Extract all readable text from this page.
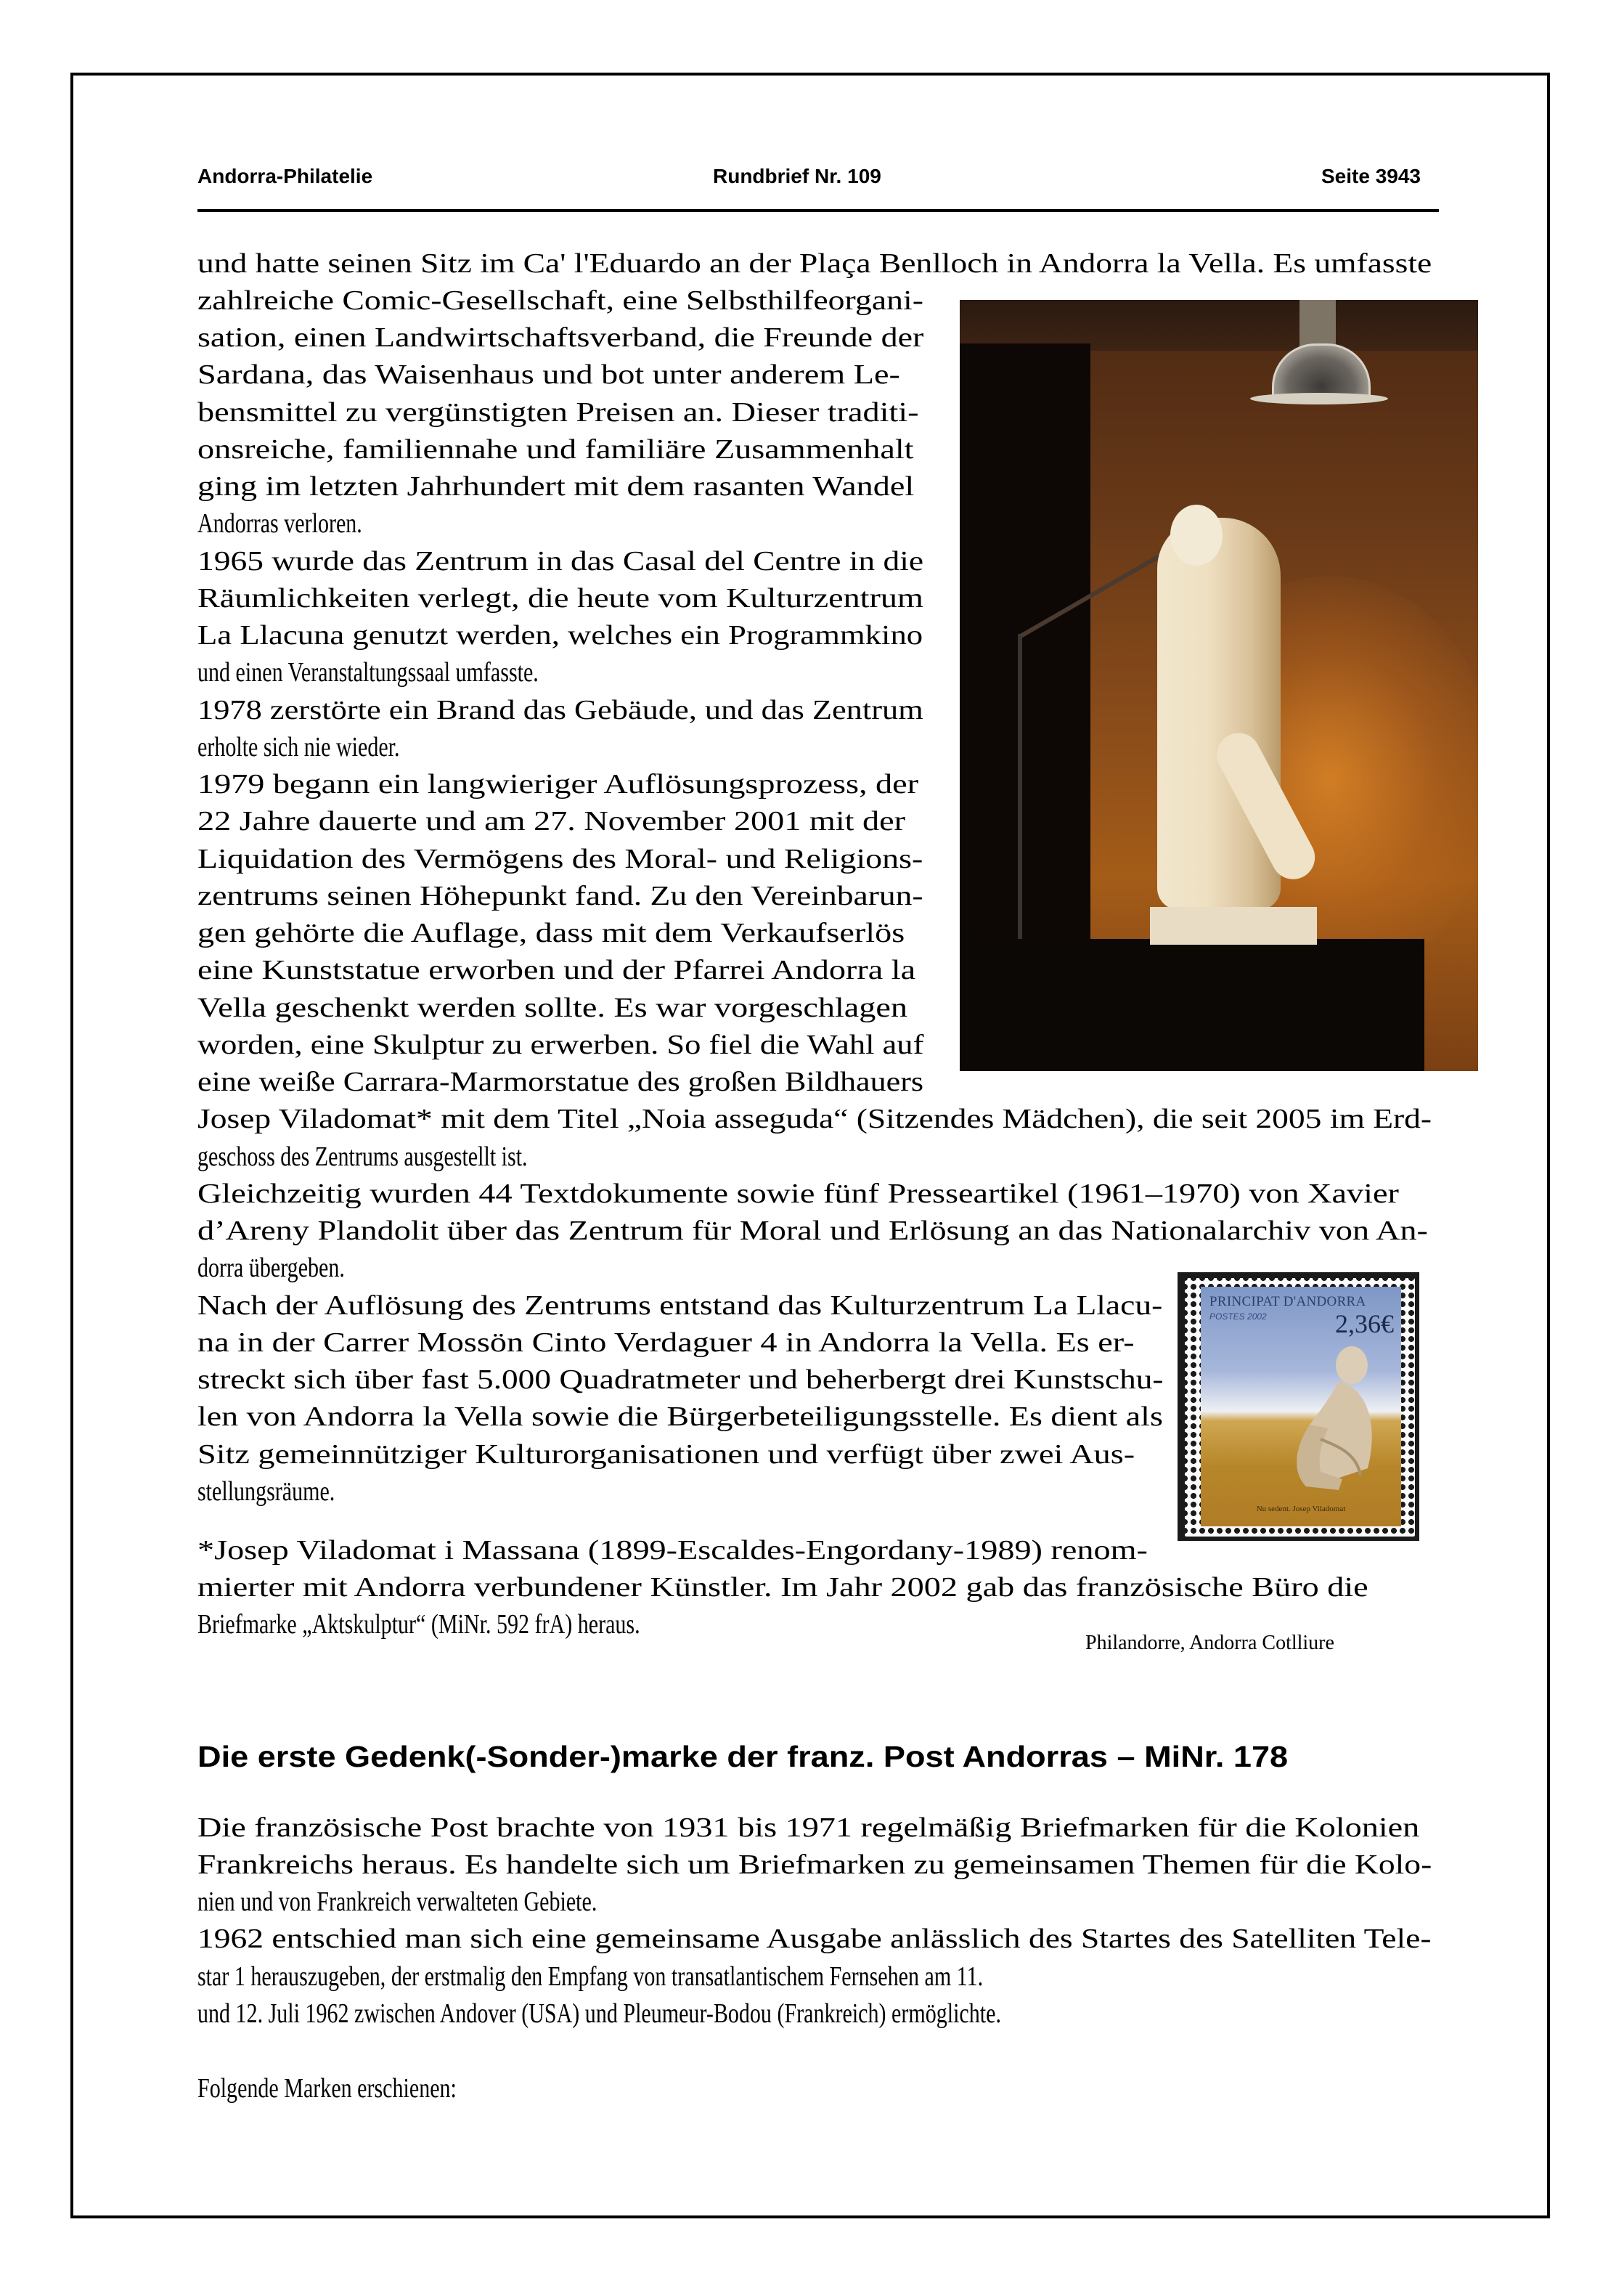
Andorra-Philatelie	Rundbrief Nr. 109	Seite 3943
und hatte seinen Sitz im Ca' l'Eduardo an der Plaça Benlloch in Andorra la Vella. Es umfasste
zahlreiche Comic-Gesellschaft, eine Selbsthilfeorgani-
sation, einen Landwirtschaftsverband, die Freunde der
Sardana, das Waisenhaus und bot unter anderem Le-
bensmittel zu vergünstigten Preisen an. Dieser traditi-
onsreiche, familiennahe und familiäre Zusammenhalt
ging im letzten Jahrhundert mit dem rasanten Wandel
Andorras verloren.
1965 wurde das Zentrum in das Casal del Centre in die
Räumlichkeiten verlegt, die heute vom Kulturzentrum
La Llacuna genutzt werden, welches ein Programmkino
und einen Veranstaltungssaal umfasste.
1978 zerstörte ein Brand das Gebäude, und das Zentrum
erholte sich nie wieder.
1979 begann ein langwieriger Auflösungsprozess, der
22 Jahre dauerte und am 27. November 2001 mit der
Liquidation des Vermögens des Moral- und Religions-
zentrums seinen Höhepunkt fand. Zu den Vereinbarun-
gen gehörte die Auflage, dass mit dem Verkaufserlös
eine Kunststatue erworben und der Pfarrei Andorra la
Vella geschenkt werden sollte. Es war vorgeschlagen
worden, eine Skulptur zu erwerben. So fiel die Wahl auf
eine weiße Carrara-Marmorstatue des großen Bildhauers
Josep Viladomat* mit dem Titel „Noia asseguda“ (Sitzendes Mädchen), die seit 2005 im Erd-
geschoss des Zentrums ausgestellt ist.
Gleichzeitig wurden 44 Textdokumente sowie fünf Presseartikel (1961–1970) von Xavier
d’Areny Plandolit über das Zentrum für Moral und Erlösung an das Nationalarchiv von An-
dorra übergeben.
Nach der Auflösung des Zentrums entstand das Kulturzentrum La Llacu-
na in der Carrer Mossön Cinto Verdaguer 4 in Andorra la Vella. Es er-
streckt sich über fast 5.000 Quadratmeter und beherbergt drei Kunstschu-
len von Andorra la Vella sowie die Bürgerbeteiligungsstelle. Es dient als
Sitz gemeinnütziger Kulturorganisationen und verfügt über zwei Aus-
stellungsräume.
*Josep Viladomat i Massana (1899-Escaldes-Engordany-1989) renom-
mierter mit Andorra verbundener Künstler. Im Jahr 2002 gab das französische Büro die
Briefmarke „Aktskulptur“ (MiNr. 592 frA) heraus.
Philandorre, Andorra Cotlliure
PRINCIPAT D'ANDORRA
POSTES 2002	2,36€
Nu sedent. Josep Viladomat
Die erste Gedenk(-Sonder-)marke der franz. Post Andorras – MiNr. 178
Die französische Post brachte von 1931 bis 1971 regelmäßig Briefmarken für die Kolonien
Frankreichs heraus. Es handelte sich um Briefmarken zu gemeinsamen Themen für die Kolo-
nien und von Frankreich verwalteten Gebiete.
1962 entschied man sich eine gemeinsame Ausgabe anlässlich des Startes des Satelliten Tele-
star 1 herauszugeben, der erstmalig den Empfang von transatlantischem Fernsehen am 11.
und 12. Juli 1962 zwischen Andover (USA) und Pleumeur-Bodou (Frankreich) ermöglichte.
Folgende Marken erschienen:
